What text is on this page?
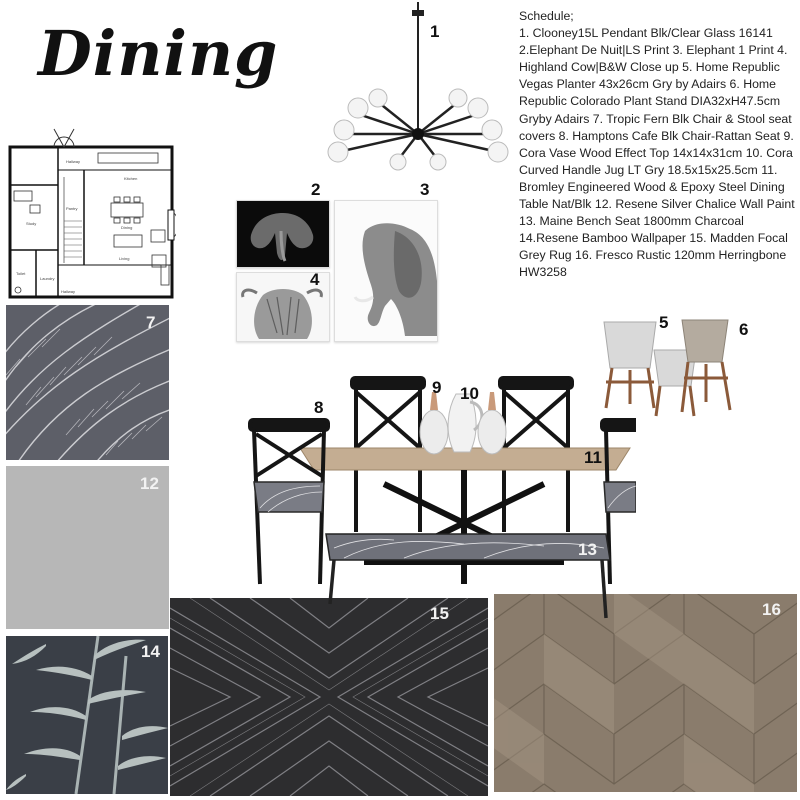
Dining
Schedule;
1. Clooney15L Pendant Blk/Clear Glass 16141 2.Elephant De Nuit|LS Print 3. Elephant 1 Print 4. Highland Cow|B&W Close up 5. Home Republic Vegas Planter 43x26cm Gry by Adairs 6. Home Republic Colorado Plant Stand DIA32xH47.5cm Gryby Adairs 7. Tropic Fern Blk Chair & Stool seat covers 8. Hamptons Cafe Blk Chair-Rattan Seat 9. Cora Vase Wood Effect Top 14x14x31cm 10. Cora Curved Handle Jug LT Gry 18.5x15x25.5cm 11. Bromley Engineered Wood & Epoxy Steel Dining Table Nat/Blk 12. Resene Silver Chalice Wall Paint 13. Maine Bench Seat 1800mm Charcoal 14.Resene Bamboo Wallpaper 15. Madden Focal Grey Rug 16. Fresco Rustic 120mm Herringbone HW3258
Hallway
Kitchen
Dining
Living
Pantry
Study
Toilet
Laundry
Hallway
1
2	3
4
7
12
14
15	16
5	6
8
9 10
11
13
